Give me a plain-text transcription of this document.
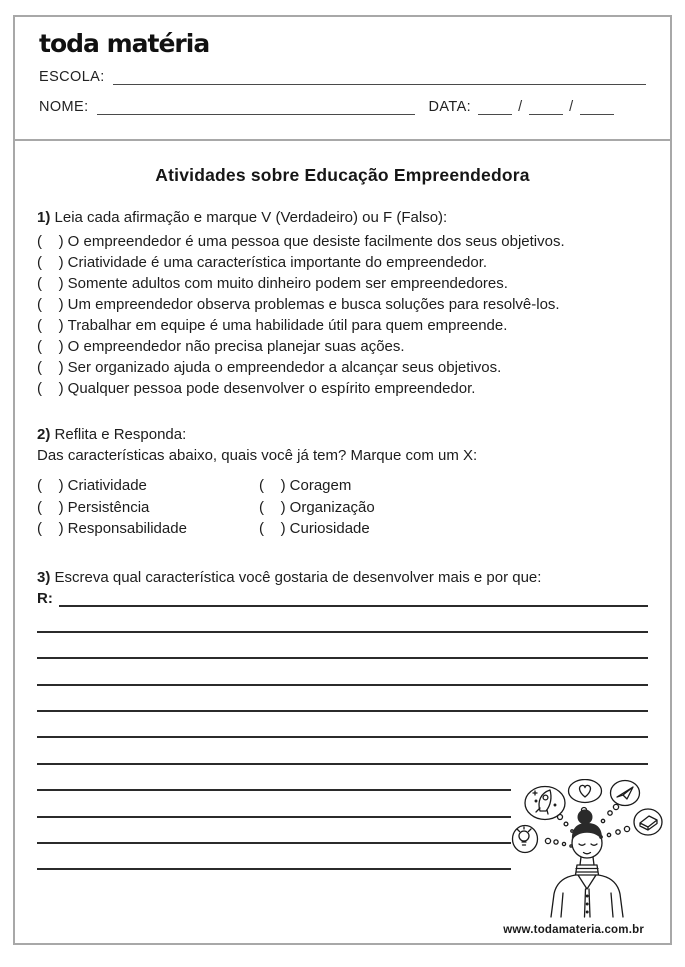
toda matéria
ESCOLA:
NOME:	DATA:	/	/
Atividades sobre Educação Empreendedora

1) Leia cada afirmação e marque V (Verdadeiro) ou F (Falso):

(    ) O empreendedor é uma pessoa que desiste facilmente dos seus objetivos.
(    ) Criatividade é uma característica importante do empreendedor.
(    ) Somente adultos com muito dinheiro podem ser empreendedores.
(    ) Um empreendedor observa problemas e busca soluções para resolvê-los.
(    ) Trabalhar em equipe é uma habilidade útil para quem empreende.
(    ) O empreendedor não precisa planejar suas ações.
(    ) Ser organizado ajuda o empreendedor a alcançar seus objetivos.
(    ) Qualquer pessoa pode desenvolver o espírito empreendedor.

2) Reflita e Responda:

Das características abaixo, quais você já tem? Marque com um X:

(    ) Criatividade	(    ) Coragem
(    ) Persistência	(    ) Organização
(    ) Responsabilidade	(    ) Curiosidade

3) Escreva qual característica você gostaria de desenvolver mais e por que:

R:
www.todamateria.com.br
